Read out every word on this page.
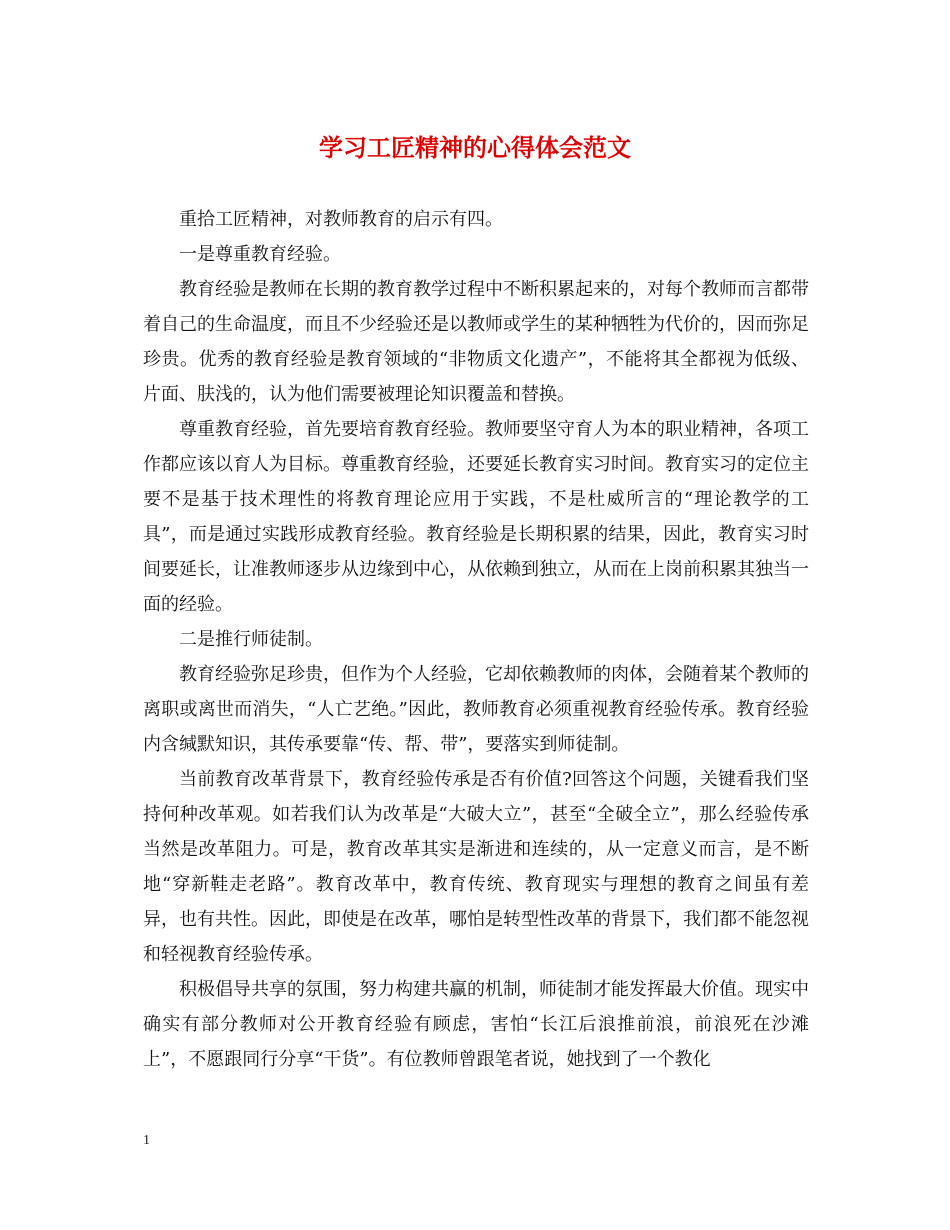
学习工匠精神的心得体会范文

重拾工匠精神，对教师教育的启示有四。

一是尊重教育经验。

教育经验是教师在长期的教育教学过程中不断积累起来的，对每个教师而言都带着自己的生命温度，而且不少经验还是以教师或学生的某种牺牲为代价的，因而弥足珍贵。优秀的教育经验是教育领域的“非物质文化遗产”，不能将其全都视为低级、片面、肤浅的，认为他们需要被理论知识覆盖和替换。

尊重教育经验，首先要培育教育经验。教师要坚守育人为本的职业精神，各项工作都应该以育人为目标。尊重教育经验，还要延长教育实习时间。教育实习的定位主要不是基于技术理性的将教育理论应用于实践，不是杜威所言的“理论教学的工具”，而是通过实践形成教育经验。教育经验是长期积累的结果，因此，教育实习时间要延长，让准教师逐步从边缘到中心，从依赖到独立，从而在上岗前积累其独当一面的经验。

二是推行师徒制。

教育经验弥足珍贵，但作为个人经验，它却依赖教师的肉体，会随着某个教师的离职或离世而消失，“人亡艺绝。”因此，教师教育必须重视教育经验传承。教育经验内含缄默知识，其传承要靠“传、帮、带”，要落实到师徒制。

当前教育改革背景下，教育经验传承是否有价值?回答这个问题，关键看我们坚持何种改革观。如若我们认为改革是“大破大立”，甚至“全破全立”，那么经验传承当然是改革阻力。可是，教育改革其实是渐进和连续的，从一定意义而言，是不断地“穿新鞋走老路”。教育改革中，教育传统、教育现实与理想的教育之间虽有差异，也有共性。因此，即使是在改革，哪怕是转型性改革的背景下，我们都不能忽视和轻视教育经验传承。

积极倡导共享的氛围，努力构建共赢的机制，师徒制才能发挥最大价值。现实中确实有部分教师对公开教育经验有顾虑，害怕“长江后浪推前浪，前浪死在沙滩上”，不愿跟同行分享“干货”。有位教师曾跟笔者说，她找到了一个教化

1
